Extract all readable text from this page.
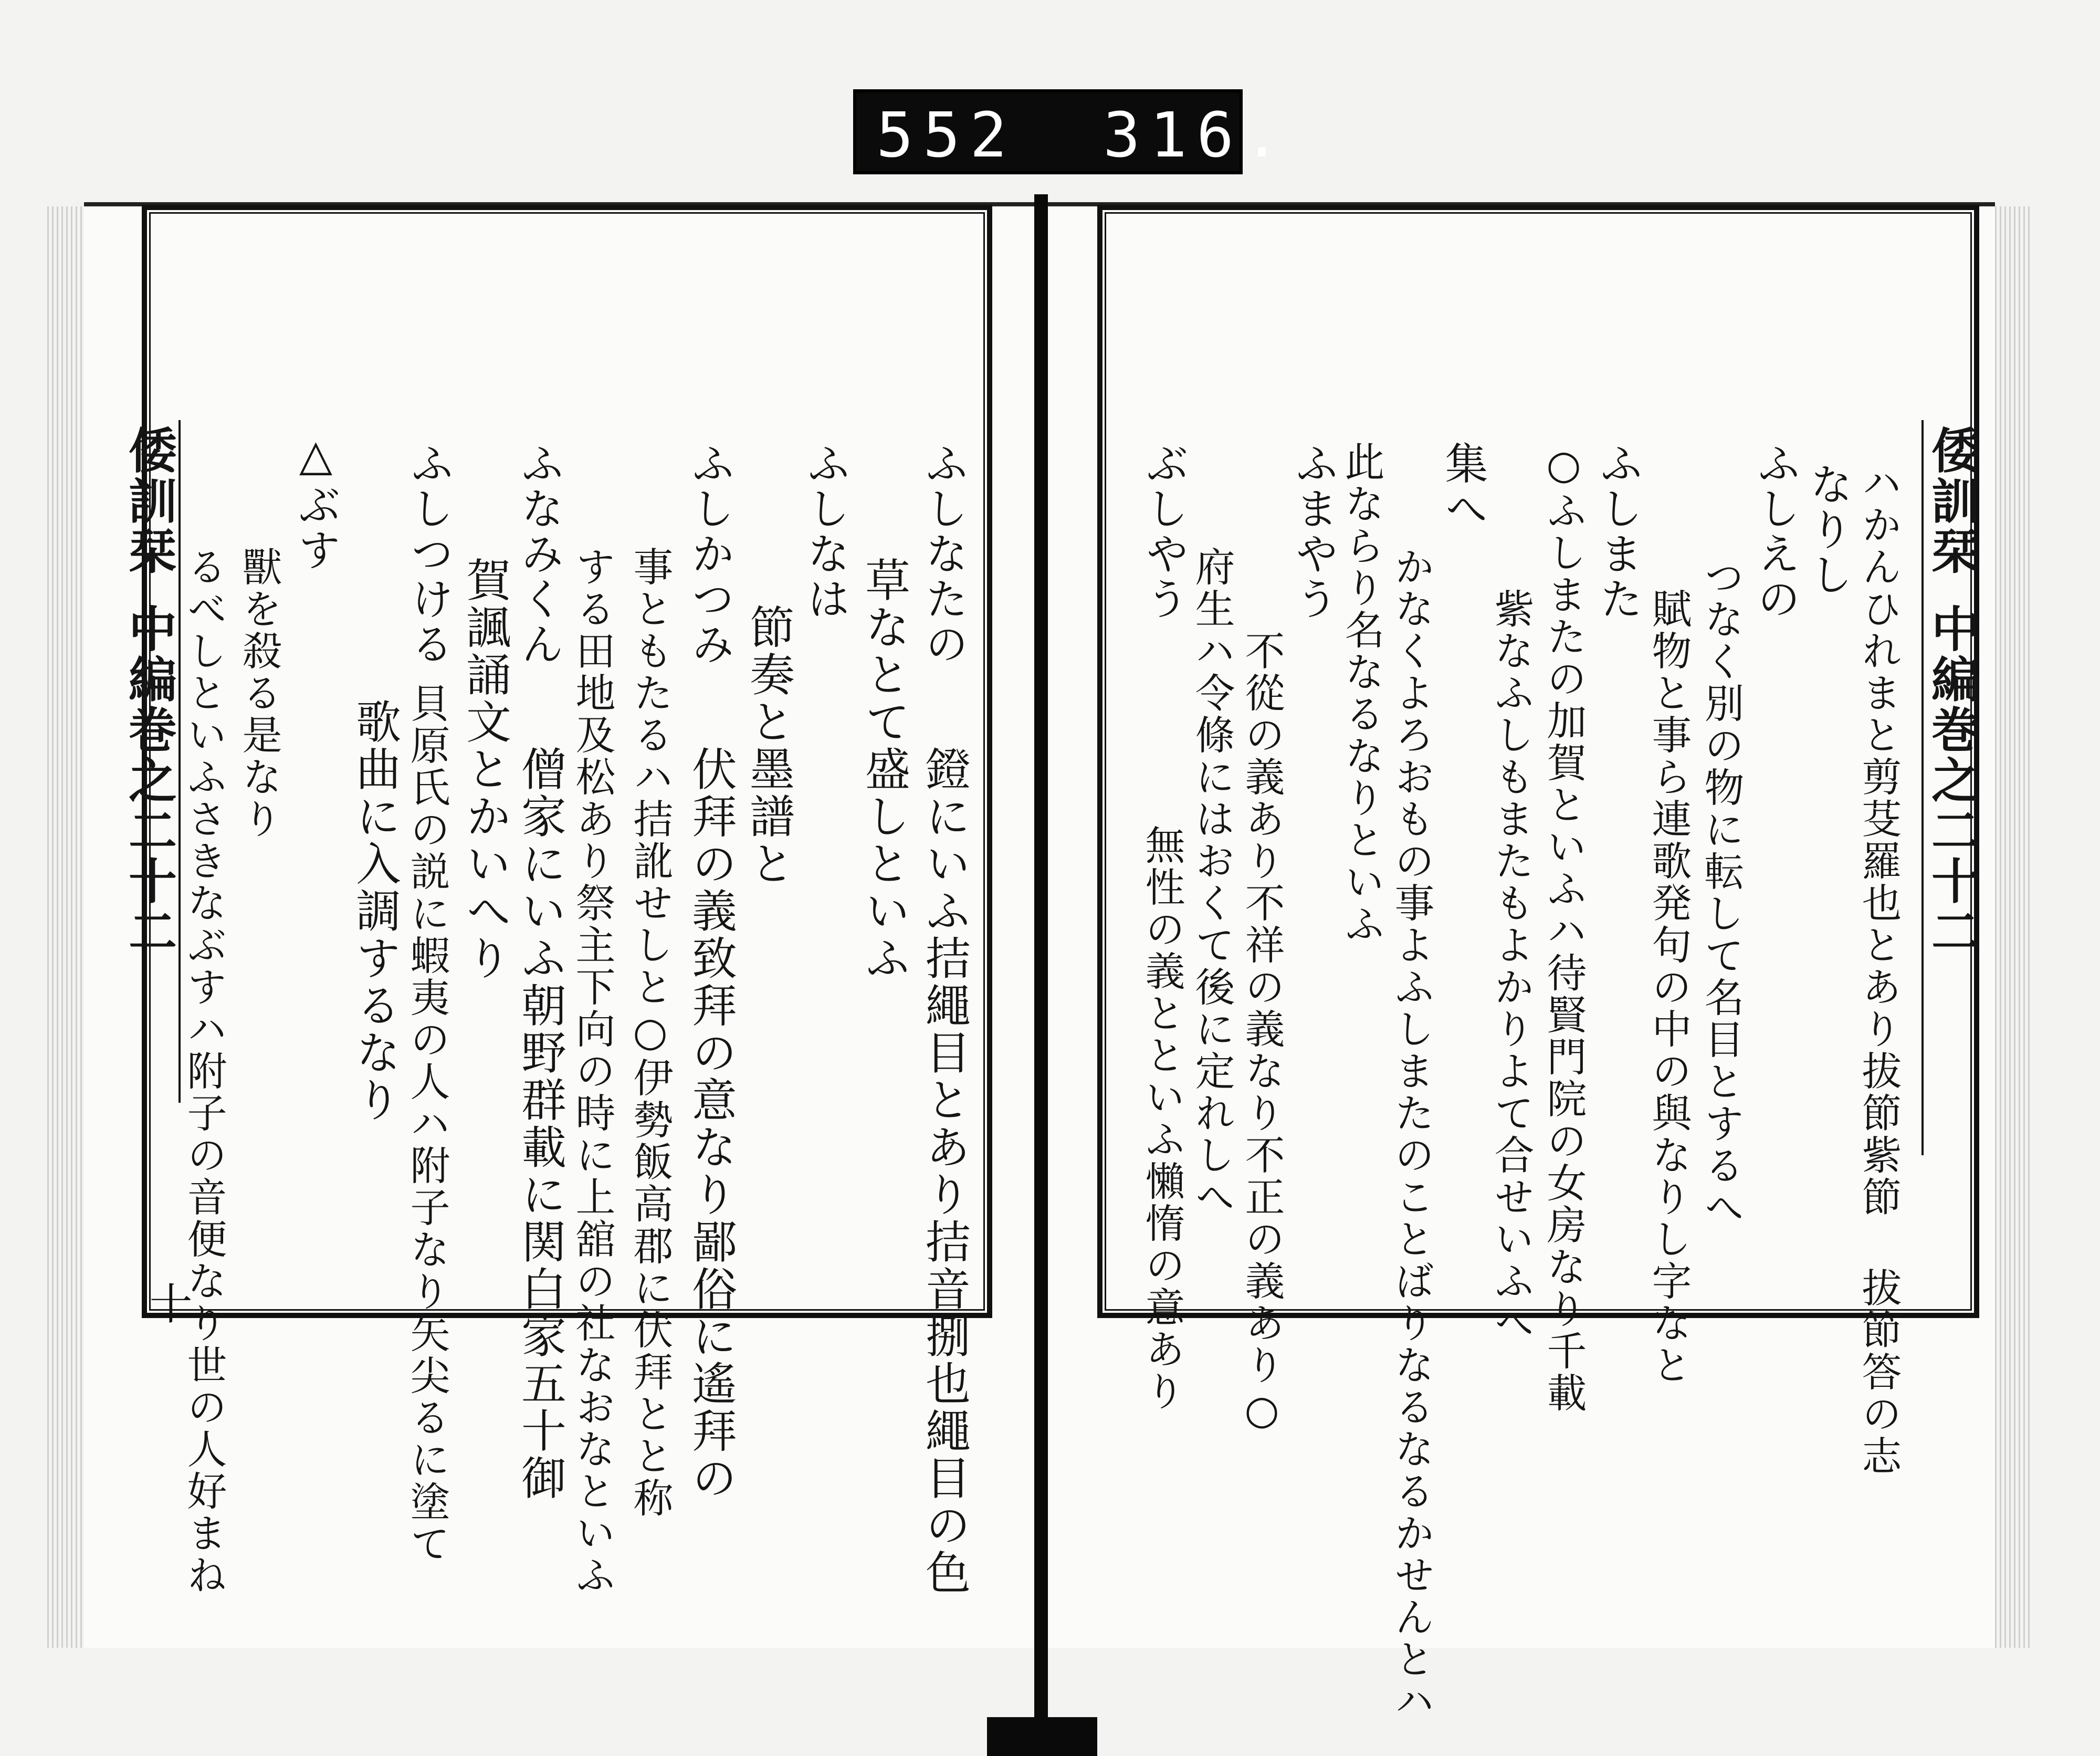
552 316.
倭訓栞
中編巻之二十二
十
ふしなたの
　　草なとて盛しといふ
ふしなは
　　　節奏と墨譜と
ふしかつみ
　　事ともたるハ拮訛せしと○伊勢飯高郡に伏拜とと称
　　する田地及松あり祭主下向の時に上舘の社なおなといふ
ふなみくん
　　賀諷誦文とかいへり
ふしつける
　　　　　歌曲に入調するなり
△ぶす
　　獸を殺る是なり
　　るべしといふさきなぶすハ附子の音便なり世の人好まね	鐙にいふ拮繩目とあり拮音捌也繩目の色
伏拜の義致拜の意なり鄙俗に遙拜の
僧家にいふ朝野群載に関白家五十御
貝原氏の説に蝦夷の人ハ附子なり矢尖るに塗て
倭訓栞
中編巻之二十二
ハかんひれまと剪芟羅也とあり拔節紫節 拔節答の志
なりし
ふしえの
　　つなく別の物に転して名目とするへ
　　　賦物と事ら連歌発句の中の與なりし字なと
ふしまた
○ふしまたの加賀といふハ待賢門院の女房なり千載
　　　紫なふしもまたもよかりよて合せいふへ
集へ
　　かなくよろおもの事よふしまたのことばりなるなるかせんとハ
此ならり名なるなりといふ
ふまやう
　　　　不從の義あり不祥の義なり不正の義あり○
　　府生ハ令條にはおくて後に定れしへ
ぶしやう
　　　無性の義とといふ懶惰の意あり
